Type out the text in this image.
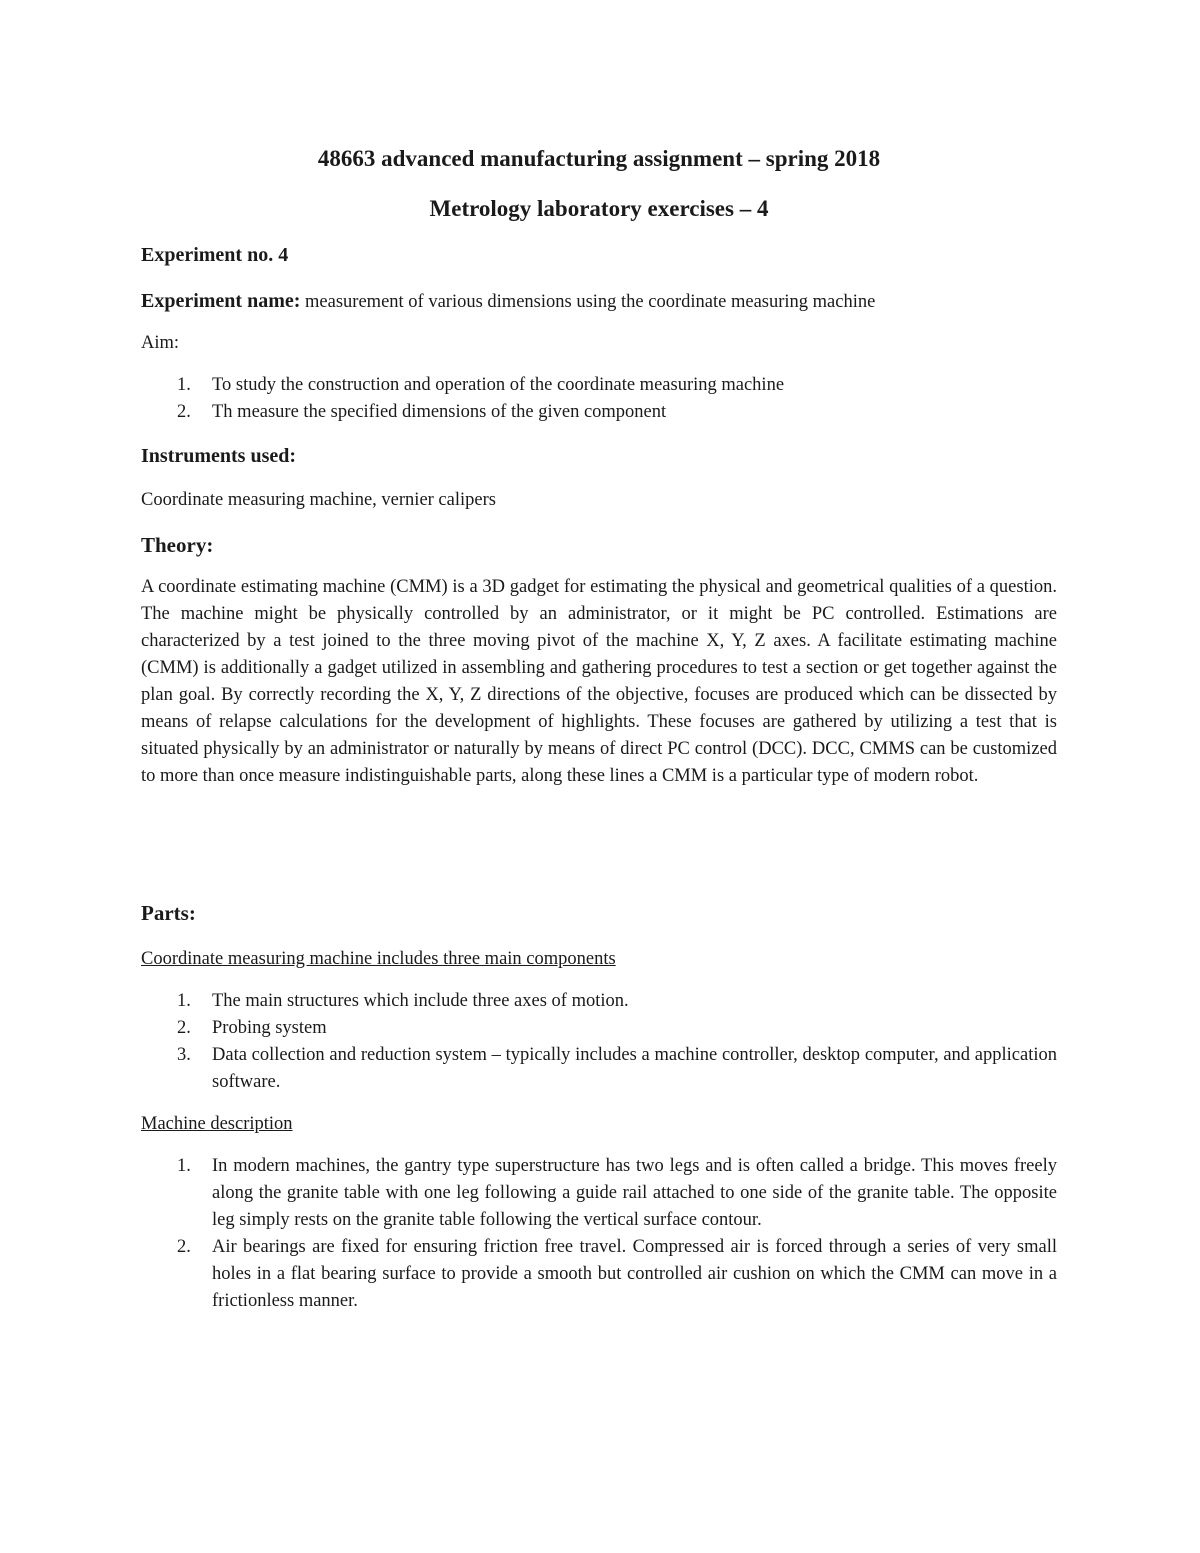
48663 advanced manufacturing assignment – spring 2018
Metrology laboratory exercises – 4

Experiment no. 4

Experiment name: measurement of various dimensions using the coordinate measuring machine

Aim:

1. To study the construction and operation of the coordinate measuring machine
2. Th measure the specified dimensions of the given component

Instruments used:

Coordinate measuring machine, vernier calipers

Theory:

A coordinate estimating machine (CMM) is a 3D gadget for estimating the physical and geometrical qualities of a question. The machine might be physically controlled by an administrator, or it might be PC controlled. Estimations are characterized by a test joined to the three moving pivot of the machine X, Y, Z axes. A facilitate estimating machine (CMM) is additionally a gadget utilized in assembling and gathering procedures to test a section or get together against the plan goal. By correctly recording the X, Y, Z directions of the objective, focuses are produced which can be dissected by means of relapse calculations for the development of highlights. These focuses are gathered by utilizing a test that is situated physically by an administrator or naturally by means of direct PC control (DCC). DCC, CMMS can be customized to more than once measure indistinguishable parts, along these lines a CMM is a particular type of modern robot.

Parts:

Coordinate measuring machine includes three main components

1. The main structures which include three axes of motion.
2. Probing system
3. Data collection and reduction system – typically includes a machine controller, desktop computer, and application software.

Machine description

1. In modern machines, the gantry type superstructure has two legs and is often called a bridge. This moves freely along the granite table with one leg following a guide rail attached to one side of the granite table. The opposite leg simply rests on the granite table following the vertical surface contour.
2. Air bearings are fixed for ensuring friction free travel. Compressed air is forced through a series of very small holes in a flat bearing surface to provide a smooth but controlled air cushion on which the CMM can move in a frictionless manner.
